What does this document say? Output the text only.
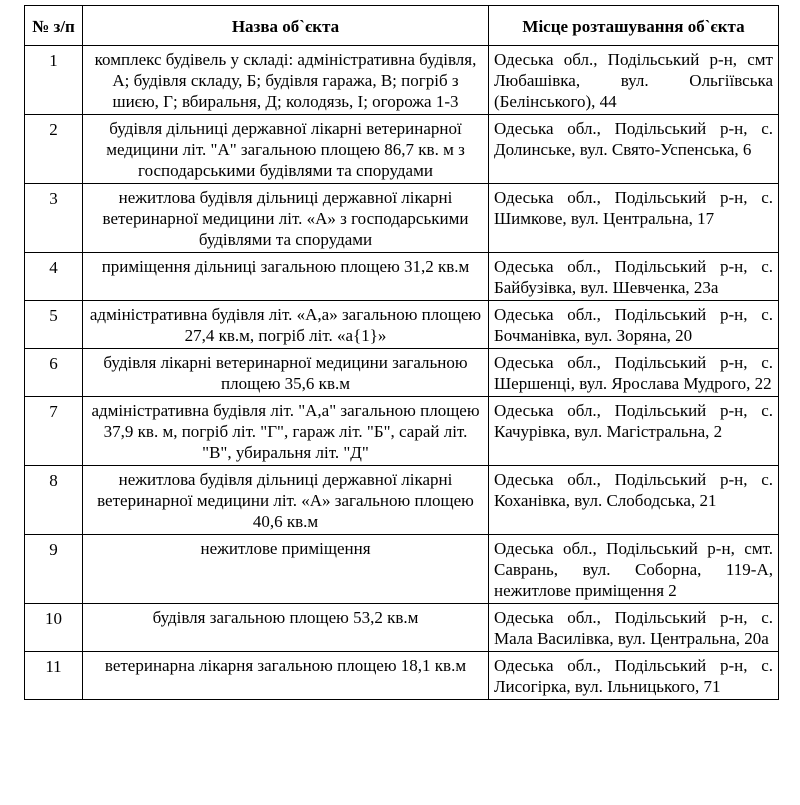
№ з/п	Назва об`єкта	Місце розташування об`єкта
1	комплекс будівель у складі: адміністративна будівля, А; будівля складу, Б; будівля гаража, В; погріб з шиєю, Г; вбиральня, Д; колодязь, І; огорожа 1-3	Одеська обл., Подільський р-н, смт Любашівка, вул. Ольгіївська (Белінського), 44
2	будівля дільниці державної лікарні ветеринарної медицини літ. "А" загальною площею 86,7 кв. м з господарськими будівлями та спорудами	Одеська обл., Подільський р-н, с. Долинське, вул. Свято-Успенська, 6
3	нежитлова будівля дільниці державної лікарні ветеринарної медицини літ. «А» з господарськими будівлями та спорудами	Одеська обл., Подільський р-н, с. Шимкове, вул. Центральна, 17
4	приміщення дільниці загальною площею 31,2 кв.м	Одеська обл., Подільський р-н, с. Байбузівка, вул. Шевченка, 23а
5	адміністративна будівля літ. «А,а» загальною площею 27,4 кв.м, погріб літ. «а{1}»	Одеська обл., Подільський р-н, с. Бочманівка, вул. Зоряна, 20
6	будівля лікарні ветеринарної медицини загальною площею 35,6 кв.м	Одеська обл., Подільський р-н, с. Шершенці, вул. Ярослава Мудрого, 22
7	адміністративна будівля літ. "А,а" загальною площею 37,9 кв. м, погріб літ. "Г", гараж літ. "Б", сарай літ. "В", убиральня літ. "Д"	Одеська обл., Подільський р-н, с. Качурівка, вул. Магістральна, 2
8	нежитлова будівля дільниці державної лікарні ветеринарної медицини літ. «А» загальною площею 40,6 кв.м	Одеська обл., Подільський р-н, с. Коханівка, вул. Слободська, 21
9	нежитлове приміщення	Одеська обл., Подільський р-н, смт. Саврань, вул. Соборна, 119-А, нежитлове приміщення 2
10	будівля загальною площею 53,2 кв.м	Одеська обл., Подільський р-н, с. Мала Василівка, вул. Центральна, 20а
11	ветеринарна лікарня загальною площею 18,1 кв.м	Одеська обл., Подільський р-н, с. Лисогірка, вул. Ільницького, 71
